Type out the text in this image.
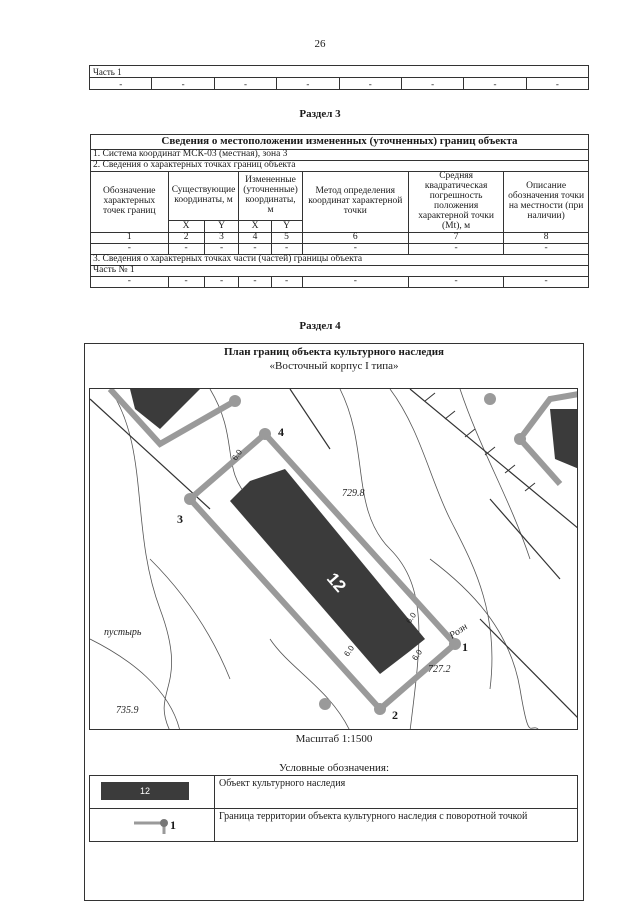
26
Часть 1
-	-	-	-	-	-	-	-
Раздел 3
Сведения о местоположении измененных (уточненных) границ объекта							
1. Система координат МСК-03 (местная), зона 3							
2. Сведения о характерных точках границ объекта							
Обозначение характерных точек границ	Существующие координаты, м		Измененные (уточненные) координаты, м		Метод определения координат характерной точки	Средняя квадратическая погрешность положения характерной точки (Mt), м	Описание обозначения точки на местности (при наличии)
	X	Y	X	Y			
1	2	3	4	5	6	7	8
-	-	-	-	-	-	-	-
3. Сведения о характерных точках части (частей) границы объекта							
Часть № 1							
-	-	-	-	-	-	-	-
Раздел 4
План границ объекта культурного наследия
«Восточный корпус I типа»
12
1
2
3
4
6.0
6.0
6.0	6.0
729.8
727.2
735.9
пустырь	Розн
Масштаб 1:1500
Условные обозначения:
12	Объект культурного наследия

1	Граница территории объекта культурного наследия с поворотной точкой
